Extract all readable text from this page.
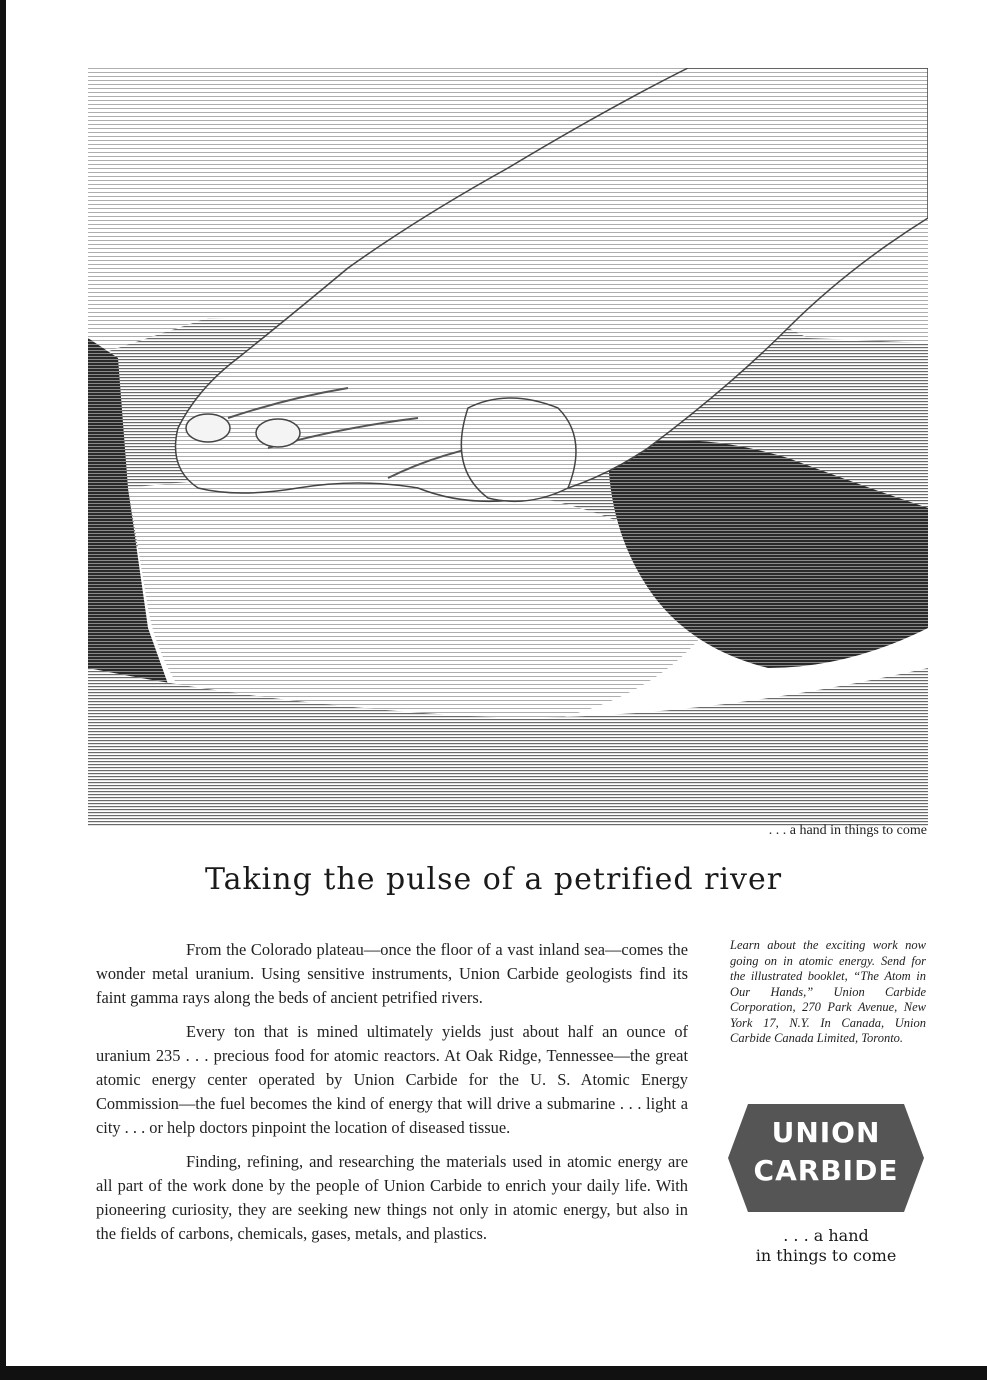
. . . a hand in things to come
Taking the pulse of a petrified river

From the Colorado plateau—once the floor of a vast inland sea—comes the wonder metal uranium. Using sensitive instruments, Union Carbide geologists find its faint gamma rays along the beds of ancient petrified rivers.

Every ton that is mined ultimately yields just about half an ounce of uranium 235 . . . precious food for atomic reactors. At Oak Ridge, Tennessee—the great atomic energy center operated by Union Carbide for the U. S. Atomic Energy Commission—the fuel becomes the kind of energy that will drive a submarine . . . light a city . . . or help doctors pinpoint the location of diseased tissue.

Finding, refining, and researching the materials used in atomic energy are all part of the work done by the people of Union Carbide to enrich your daily life. With pioneering curiosity, they are seeking new things not only in atomic energy, but also in the fields of carbons, chemicals, gases, metals, and plastics.

Learn about the exciting work now going on in atomic energy. Send for the illustrated booklet, “The Atom in Our Hands,” Union Carbide Corporation, 270 Park Avenue, New York 17, N.Y. In Canada, Union Carbide Canada Limited, Toronto.

UNION
CARBIDE
. . . a hand
in things to come
